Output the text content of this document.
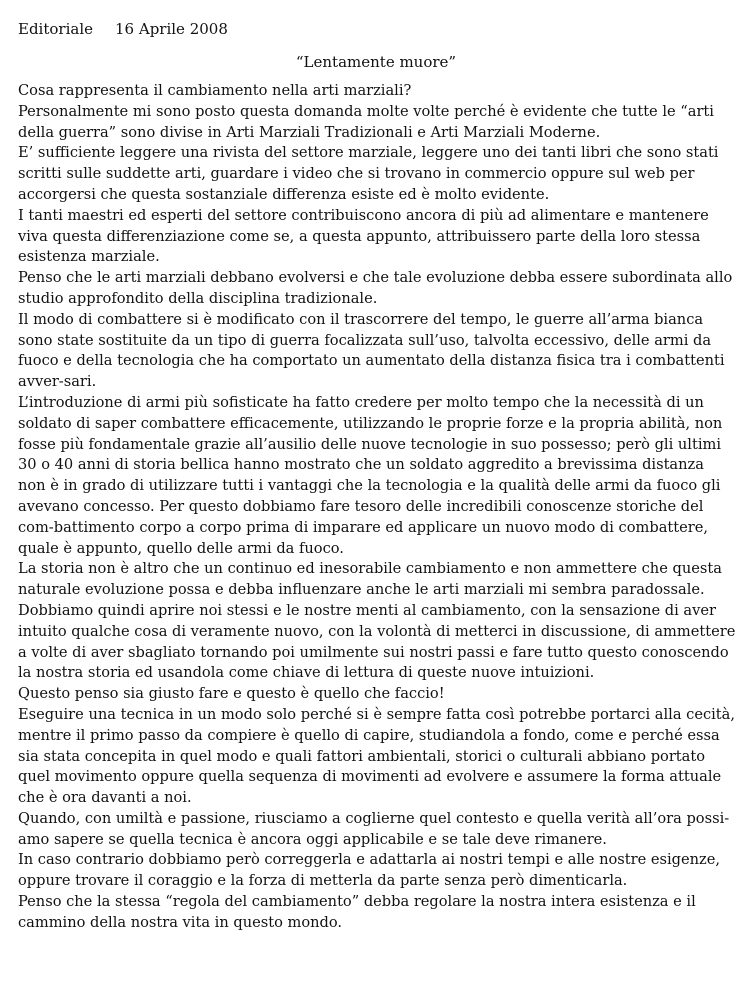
Editoriale 16 Aprile 2008
“Lentamente muore”

Cosa rappresenta il cambiamento nella arti marziali?

Personalmente mi sono posto questa domanda molte volte perché è evidente che tutte le “arti della guerra” sono divise in Arti Marziali Tradizionali e Arti Marziali Moderne.

E’ sufficiente leggere una rivista del settore marziale, leggere uno dei tanti libri che sono stati scritti sulle suddette arti, guardare i video che si trovano in commercio oppure sul web per accorgersi che questa sostanziale differenza esiste ed è molto evidente.

I tanti maestri ed esperti del settore contribuiscono ancora di più ad alimentare e mantenere viva questa differenziazione come se, a questa appunto, attribuissero parte della loro stessa esistenza marziale.

Penso che le arti marziali debbano evolversi e che tale evoluzione debba essere subordinata allo studio approfondito della disciplina tradizionale.

Il modo di combattere si è modificato con il trascorrere del tempo, le guerre all’arma bianca sono state sostituite da un tipo di guerra focalizzata sull’uso, talvolta eccessivo, delle armi da fuoco e della tecnologia che ha comportato un aumentato della distanza fisica tra i combattenti avver-sari.

L’introduzione di armi più sofisticate ha fatto credere per molto tempo che la necessità di un soldato di saper combattere efficacemente, utilizzando le proprie forze e la propria abilità, non fosse più fondamentale grazie all’ausilio delle nuove tecnologie in suo possesso; però gli ultimi 30 o 40 anni di storia bellica hanno mostrato che un soldato aggredito a brevissima distanza non è in grado di utilizzare tutti i vantaggi che la tecnologia e la qualità delle armi da fuoco gli avevano concesso. Per questo dobbiamo fare tesoro delle incredibili conoscenze storiche del com-battimento corpo a corpo prima di imparare ed applicare un nuovo modo di combattere, quale è appunto, quello delle armi da fuoco.

La storia non è altro che un continuo ed inesorabile cambiamento e non ammettere che questa naturale evoluzione possa e debba influenzare anche le arti marziali mi sembra paradossale.

Dobbiamo quindi aprire noi stessi e le nostre menti al cambiamento, con la sensazione di aver intuito qualche cosa di veramente nuovo, con la volontà di metterci in discussione, di ammettere a volte di aver sbagliato tornando poi umilmente sui nostri passi e fare tutto questo conoscendo la nostra storia ed usandola come chiave di lettura di queste nuove intuizioni.

Questo penso sia giusto fare e questo è quello che faccio!

Eseguire una tecnica in un modo solo perché si è sempre fatta così potrebbe portarci alla cecità, mentre il primo passo da compiere è quello di capire, studiandola a fondo, come e perché essa sia stata concepita in quel modo e quali fattori ambientali, storici o culturali abbiano portato quel movimento oppure quella sequenza di movimenti ad evolvere e assumere la forma attuale che è ora davanti a noi.

Quando, con umiltà e passione, riusciamo a coglierne quel contesto e quella verità all’ora possi-amo sapere se quella tecnica è ancora oggi applicabile e se tale deve rimanere.

In caso contrario dobbiamo però correggerla e adattarla ai nostri tempi e alle nostre esigenze, oppure trovare il coraggio e la forza di metterla da parte senza però dimenticarla.

Penso che la stessa “regola del cambiamento” debba regolare la nostra intera esistenza e il cammino della nostra vita in questo mondo.
